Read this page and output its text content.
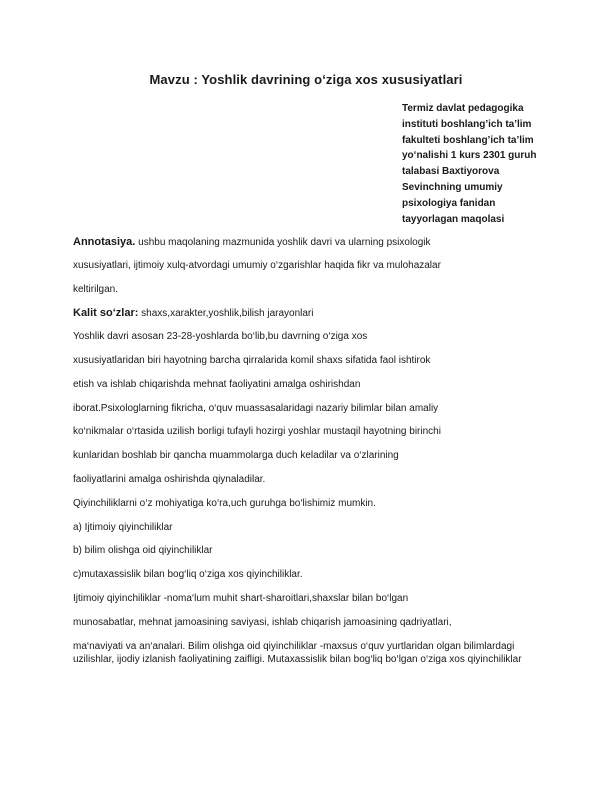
Mavzu : Yoshlik davrining o‘ziga xos xususiyatlari
Termiz davlat pedagogika
instituti boshlang’ich ta’lim
fakulteti boshlang’ich ta’lim
yo‘nalishi 1 kurs 2301 guruh
talabasi Baxtiyorova
Sevinchning umumiy
psixologiya fanidan
tayyorlagan maqolasi
Annotasiya. ushbu maqolaning mazmunida yoshlik davri va ularning psixologik
xususiyatlari, ijtimoiy xulq-atvordagi umumiy o‘zgarishlar haqida fikr va mulohazalar
keltirilgan.
Kalit so‘zlar: shaxs,xarakter,yoshlik,bilish jarayonlari
Yoshlik davri asosan 23-28-yoshlarda bo‘lib,bu davrning o‘ziga xos
xususiyatlaridan biri hayotning barcha qirralarida komil shaxs sifatida faol ishtirok
etish va ishlab chiqarishda mehnat faoliyatini amalga oshirishdan
iborat.Psixologlarning fikricha, o‘quv muassasalaridagi nazariy bilimlar bilan amaliy
ko‘nikmalar o‘rtasida uzilish borligi tufayli hozirgi yoshlar mustaqil hayotning birinchi
kunlaridan boshlab bir qancha muammolarga duch keladilar va o‘zlarining
faoliyatlarini amalga oshirishda qiynaladilar.
Qiyinchiliklarni o‘z mohiyatiga ko‘ra,uch guruhga bo‘lishimiz mumkin.
a) Ijtimoiy qiyinchiliklar
b) bilim olishga oid qiyinchiliklar
c)mutaxassislik bilan bog‘liq o‘ziga xos qiyinchiliklar.
Ijtimoiy qiyinchiliklar -noma‘lum muhit shart-sharoitlari,shaxslar bilan bo‘lgan
munosabatlar, mehnat jamoasining saviyasi, ishlab chiqarish jamoasining qadriyatlari,
ma‘naviyati va an‘analari. Bilim olishga oid qiyinchiliklar -maxsus o‘quv yurtlaridan olgan bilimlardagi
uzilishlar, ijodiy izlanish faoliyatining zaifligi. Mutaxassislik bilan bog‘liq bo‘lgan o‘ziga xos qiyinchiliklar
